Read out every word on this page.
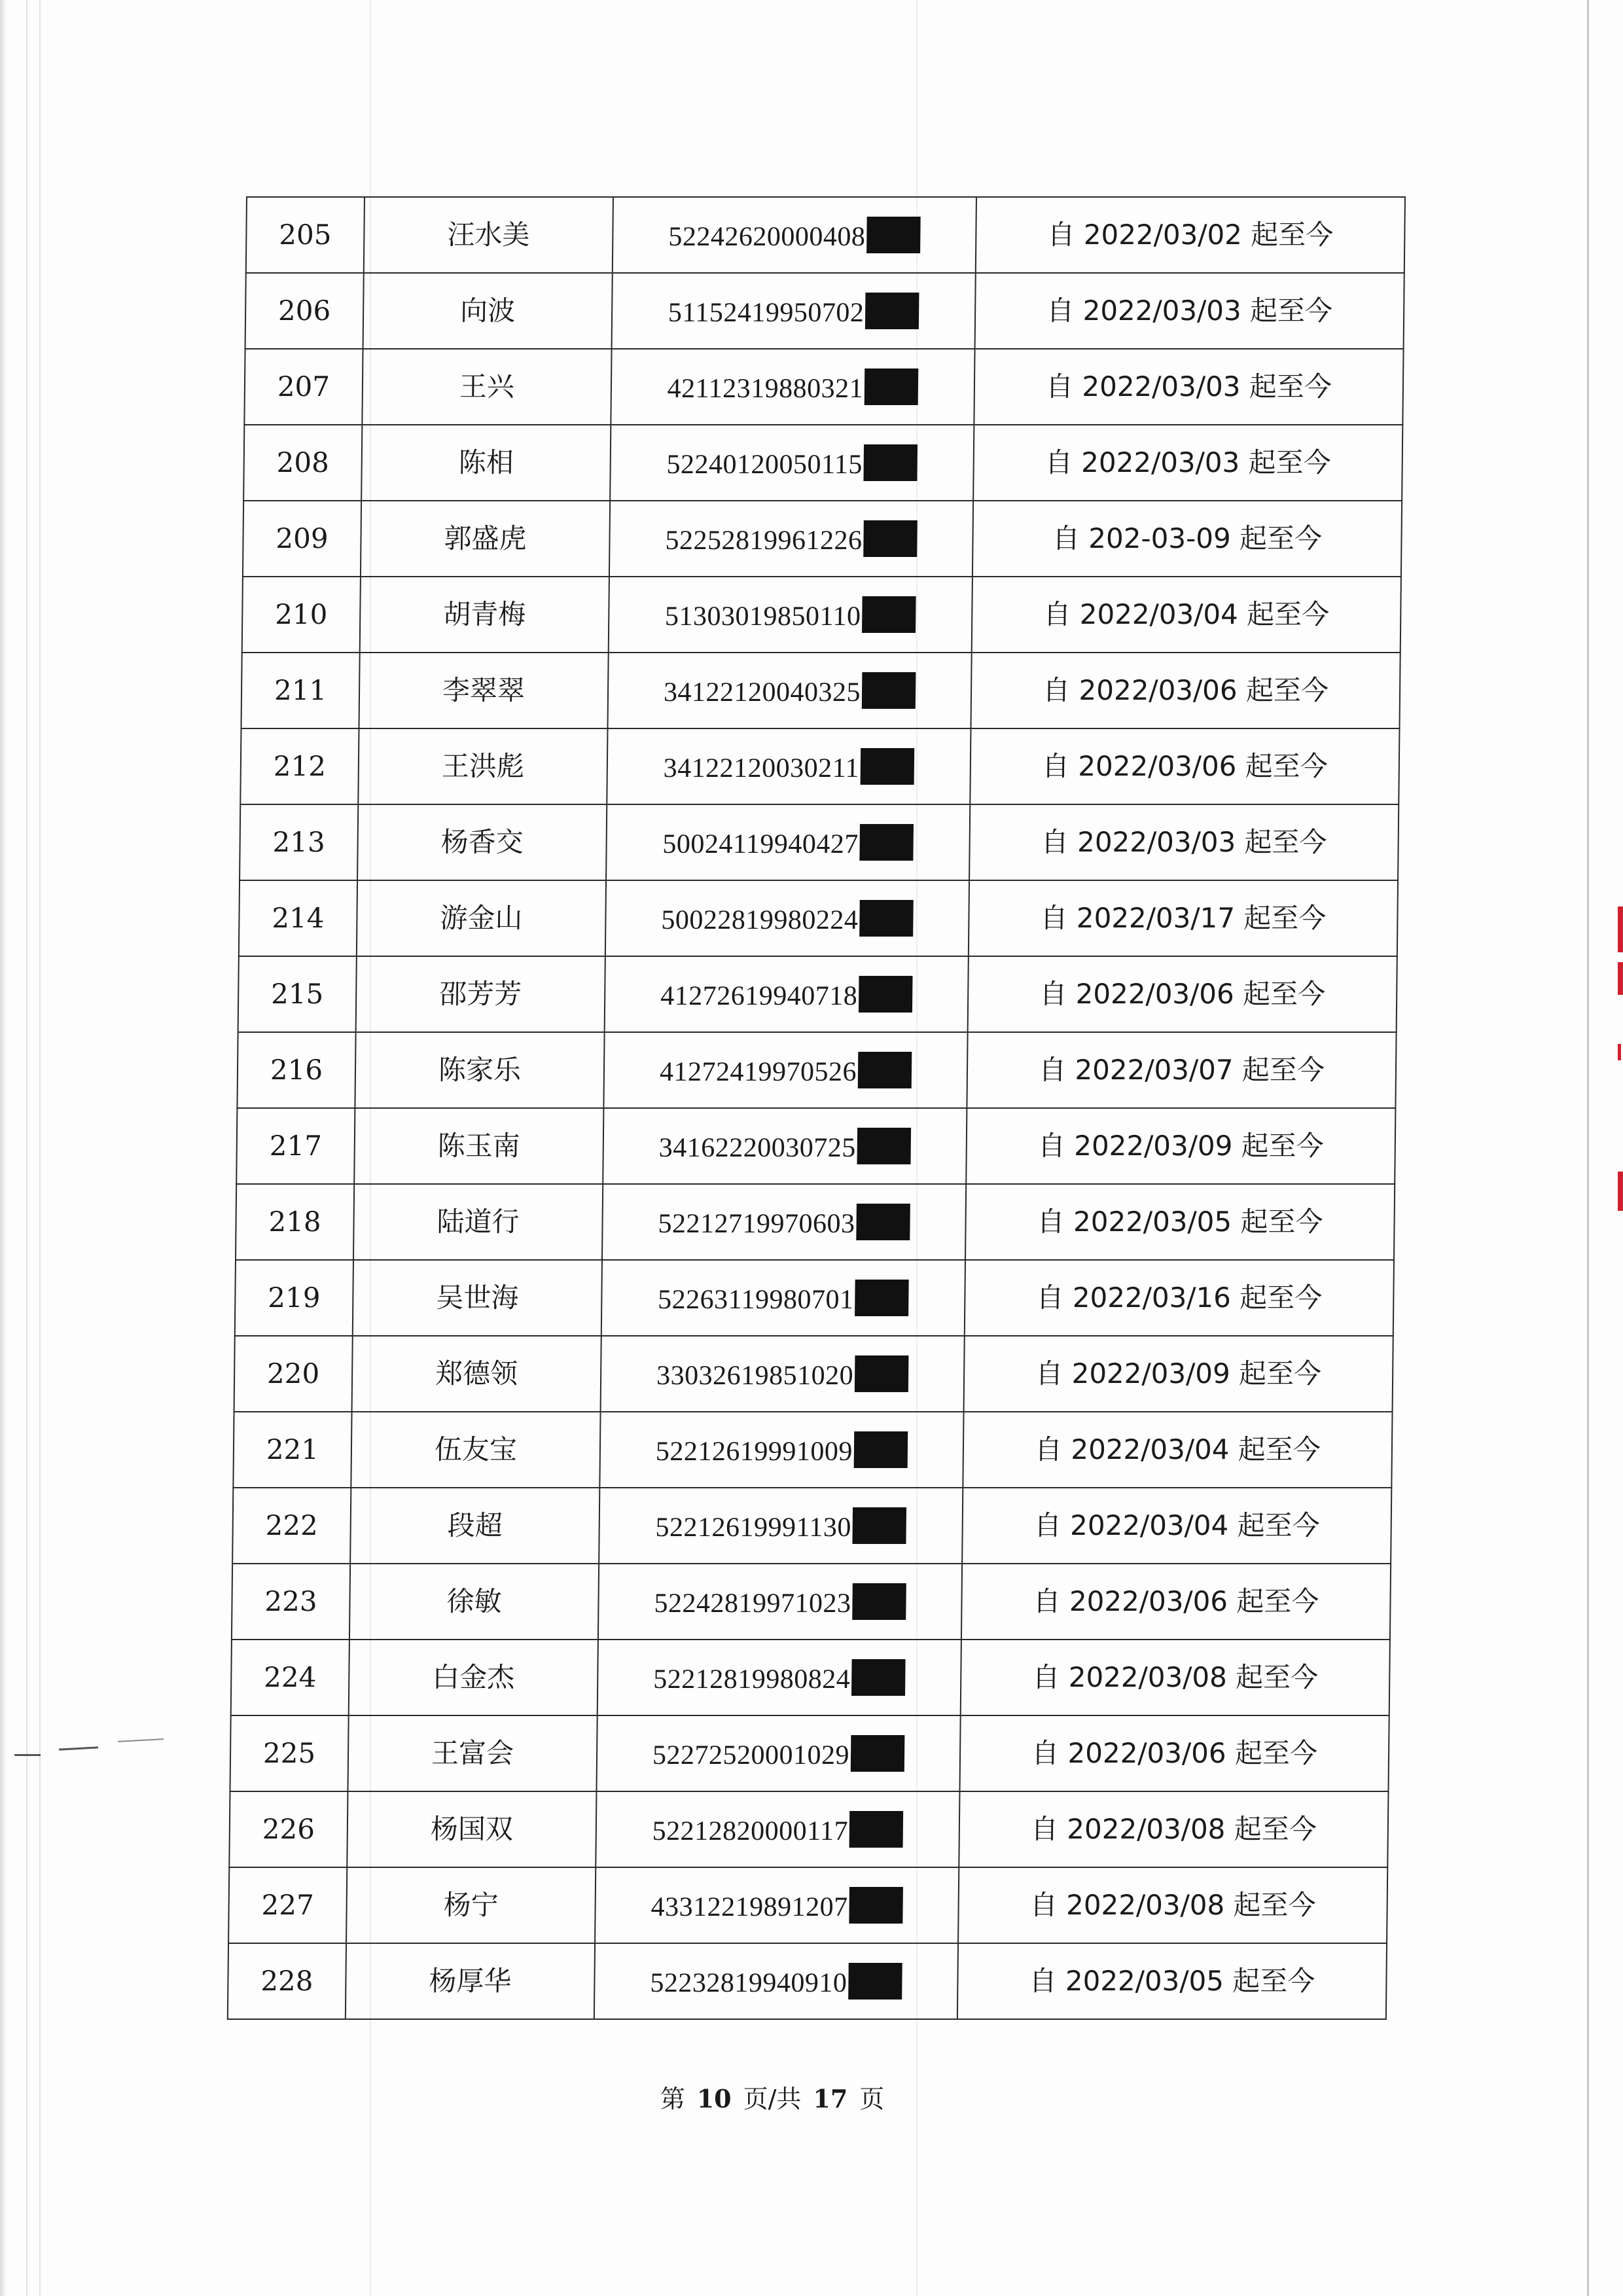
205	汪水美	52242620000408	自 2022/03/02 起至今
206	向波	51152419950702	自 2022/03/03 起至今
207	王兴	42112319880321	自 2022/03/03 起至今
208	陈相	52240120050115	自 2022/03/03 起至今
209	郭盛虎	52252819961226	自 202-03-09 起至今
210	胡青梅	51303019850110	自 2022/03/04 起至今
211	李翠翠	34122120040325	自 2022/03/06 起至今
212	王洪彪	34122120030211	自 2022/03/06 起至今
213	杨香交	50024119940427	自 2022/03/03 起至今
214	游金山	50022819980224	自 2022/03/17 起至今
215	邵芳芳	41272619940718	自 2022/03/06 起至今
216	陈家乐	41272419970526	自 2022/03/07 起至今
217	陈玉南	34162220030725	自 2022/03/09 起至今
218	陆道行	52212719970603	自 2022/03/05 起至今
219	吴世海	52263119980701	自 2022/03/16 起至今
220	郑德领	33032619851020	自 2022/03/09 起至今
221	伍友宝	52212619991009	自 2022/03/04 起至今
222	段超	52212619991130	自 2022/03/04 起至今
223	徐敏	52242819971023	自 2022/03/06 起至今
224	白金杰	52212819980824	自 2022/03/08 起至今
225	王富会	52272520001029	自 2022/03/06 起至今
226	杨国双	52212820000117	自 2022/03/08 起至今
227	杨宁	43312219891207	自 2022/03/08 起至今
228	杨厚华	52232819940910	自 2022/03/05 起至今
第 10 页/共 17 页
